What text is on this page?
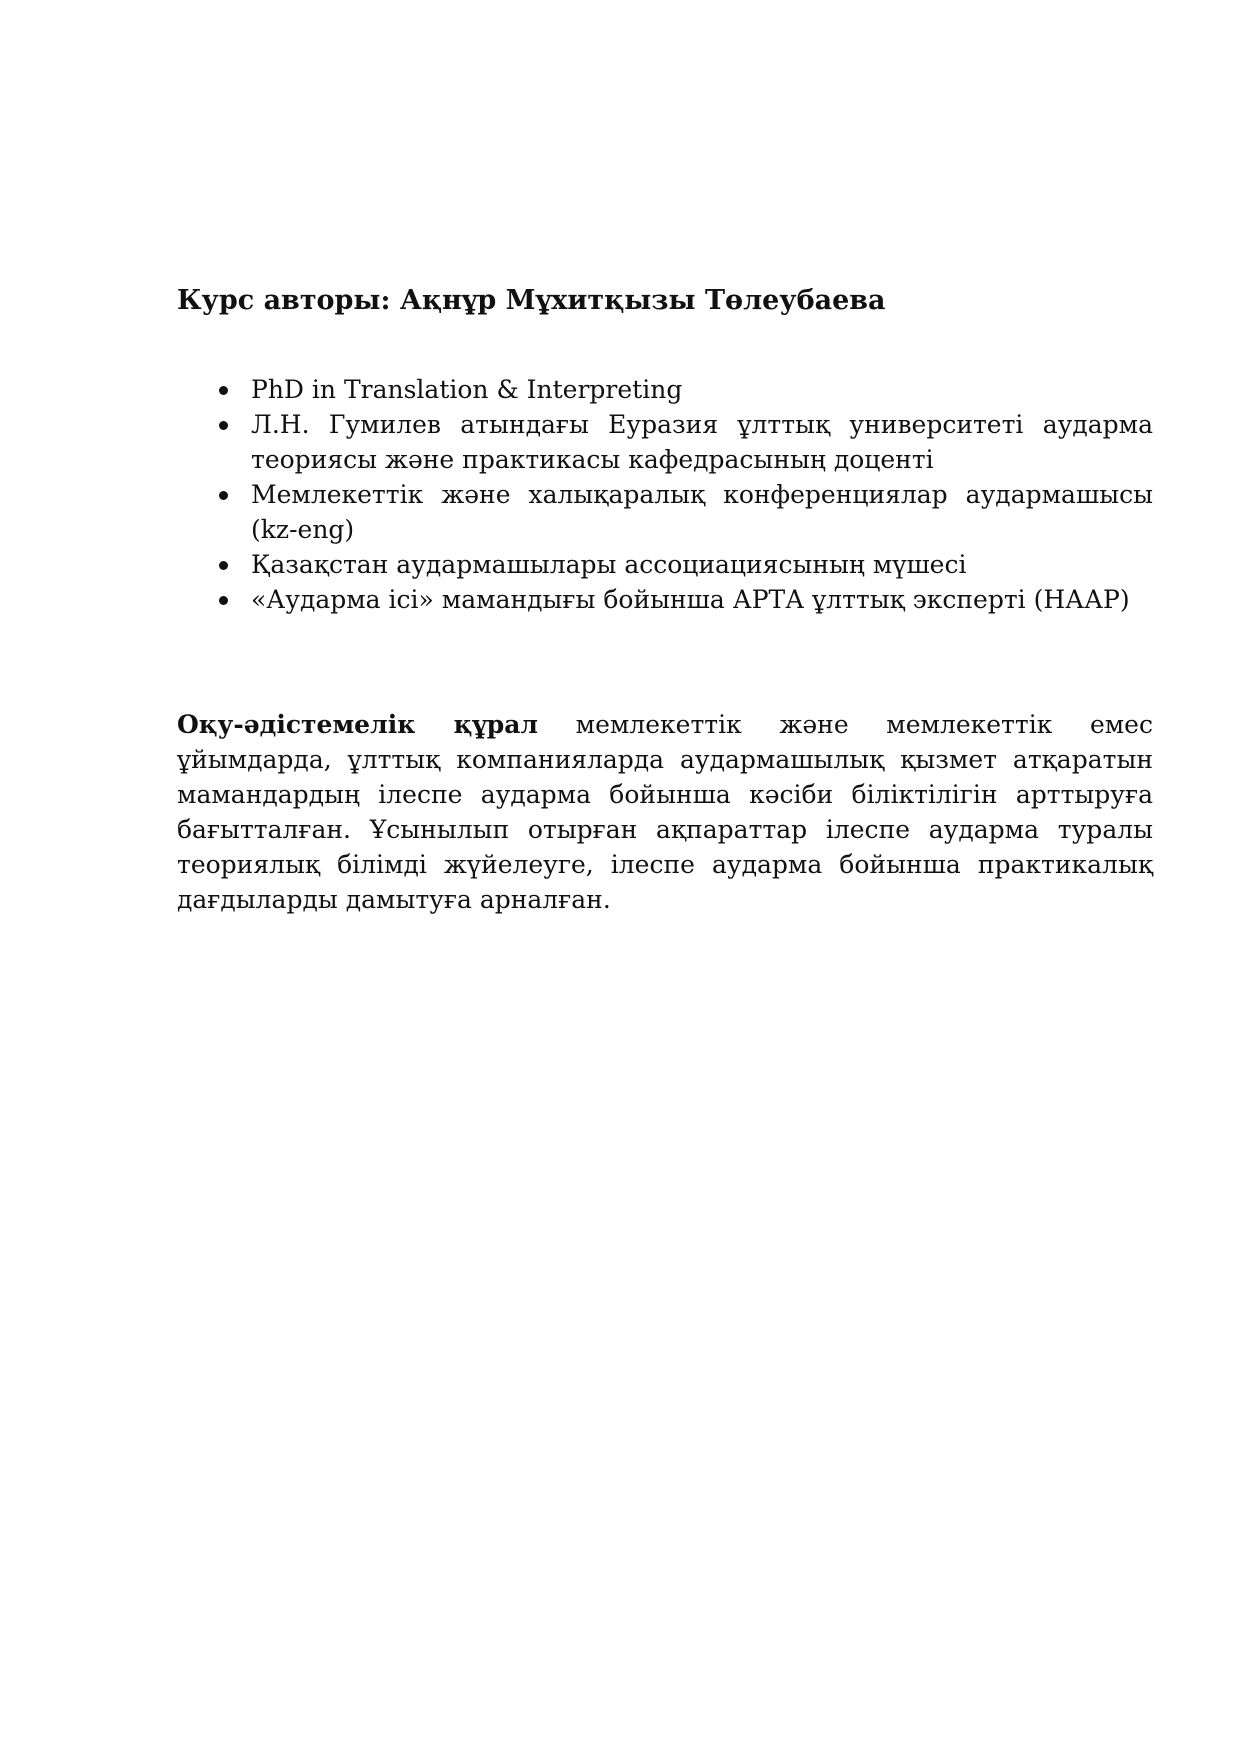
Курс авторы: Ақнұр Мұхитқызы Төлеубаева

PhD in Translation & Interpreting
Л.Н. Гумилев атындағы Еуразия ұлттық университеті аударма теориясы және практикасы кафедрасының доценті
Мемлекеттік және халықаралық конференциялар аудармашысы (kz-eng)
Қазақстан аудармашылары ассоциациясының мүшесі
«Аударма ісі» мамандығы бойынша АРТА ұлттық эксперті (НААР)

Оқу-әдістемелік құрал мемлекеттік және мемлекеттік емес ұйымдарда, ұлттық компанияларда аудармашылық қызмет атқаратын мамандардың ілеспе аударма бойынша кәсіби біліктілігін арттыруға бағытталған. Ұсынылып отырған ақпараттар ілеспе аударма туралы теориялық білімді жүйелеуге, ілеспе аударма бойынша практикалық дағдыларды дамытуға арналған.
